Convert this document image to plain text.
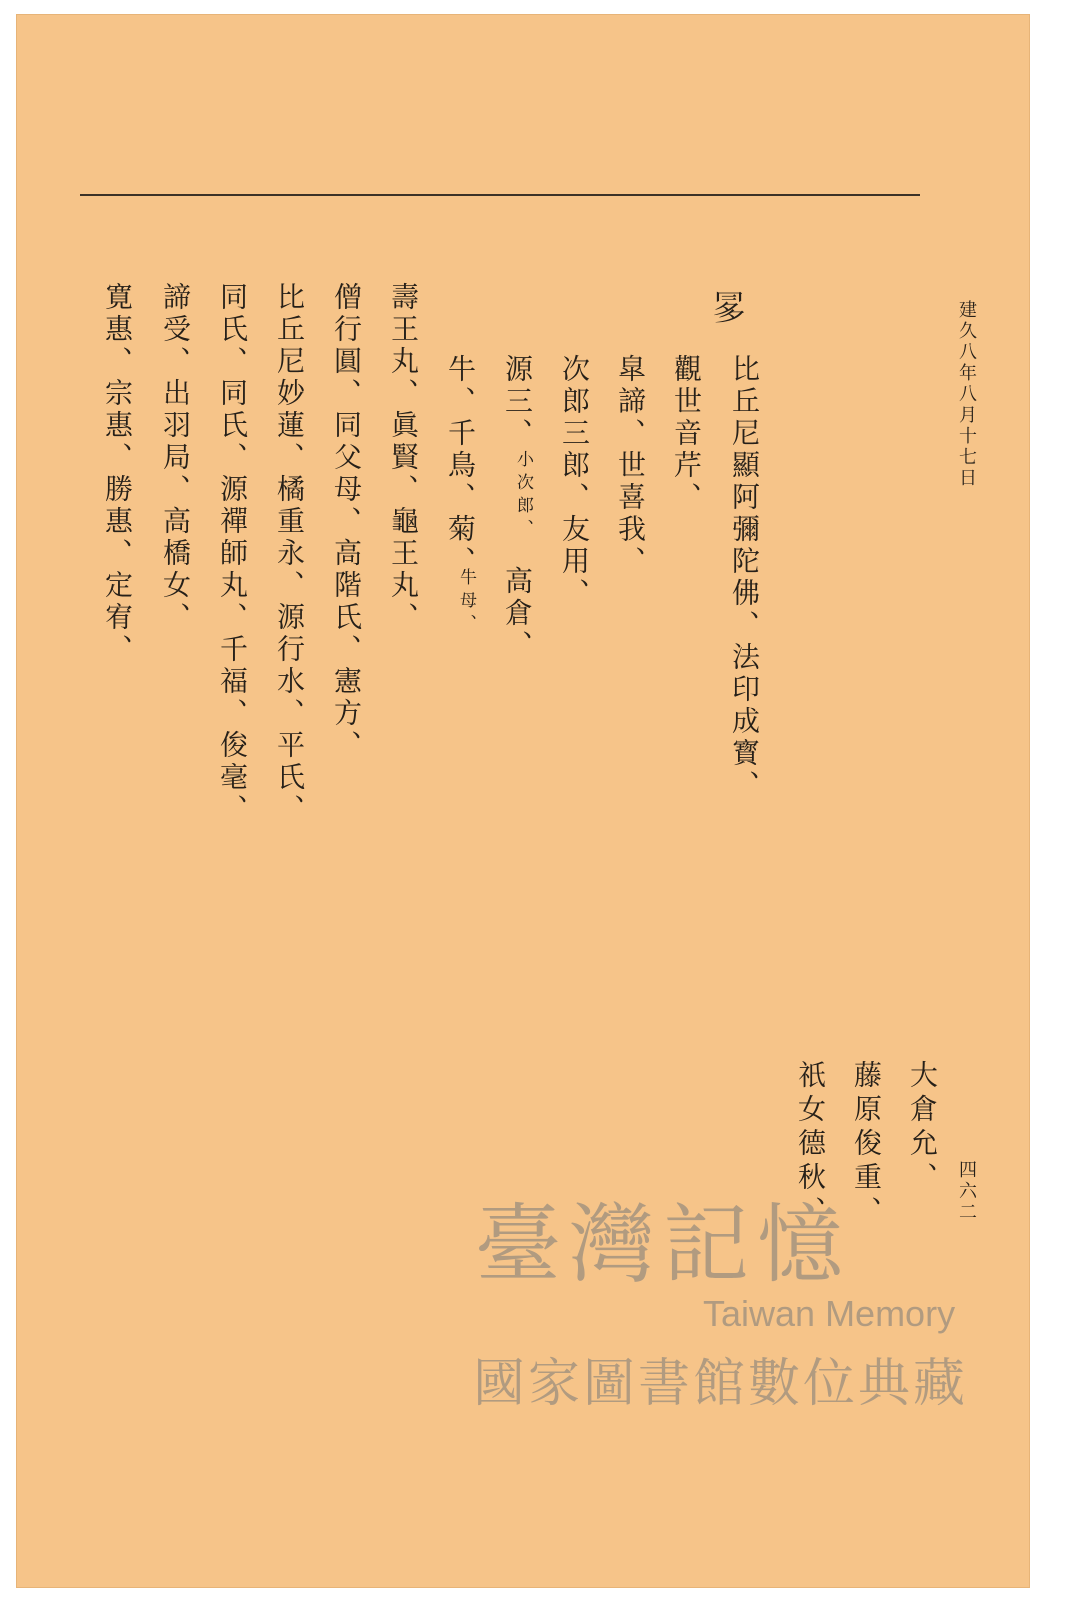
建久八年八月十七日
四六二
𠕝
比丘尼顯阿彌陀佛、法印成寳、
觀世音芹、
皐諦、世喜我、
次郎三郎、友用、
源三、
小次郎、
高倉、
牛、千鳥、菊、
牛母、
壽王丸、眞賢、龜王丸、
僧行圓、同父母、高階氏、憲方、
比丘尼妙蓮、橘重永、源行水、平氏、
同氏、同氏、源禪師丸、千福、俊毫、
諦受、出羽局、高橋女、
寛惠、宗惠、勝惠、定宥、
大倉允、
藤原俊重、
祇女德秋、
臺灣記憶
Taiwan Memory
國家圖書館數位典藏
